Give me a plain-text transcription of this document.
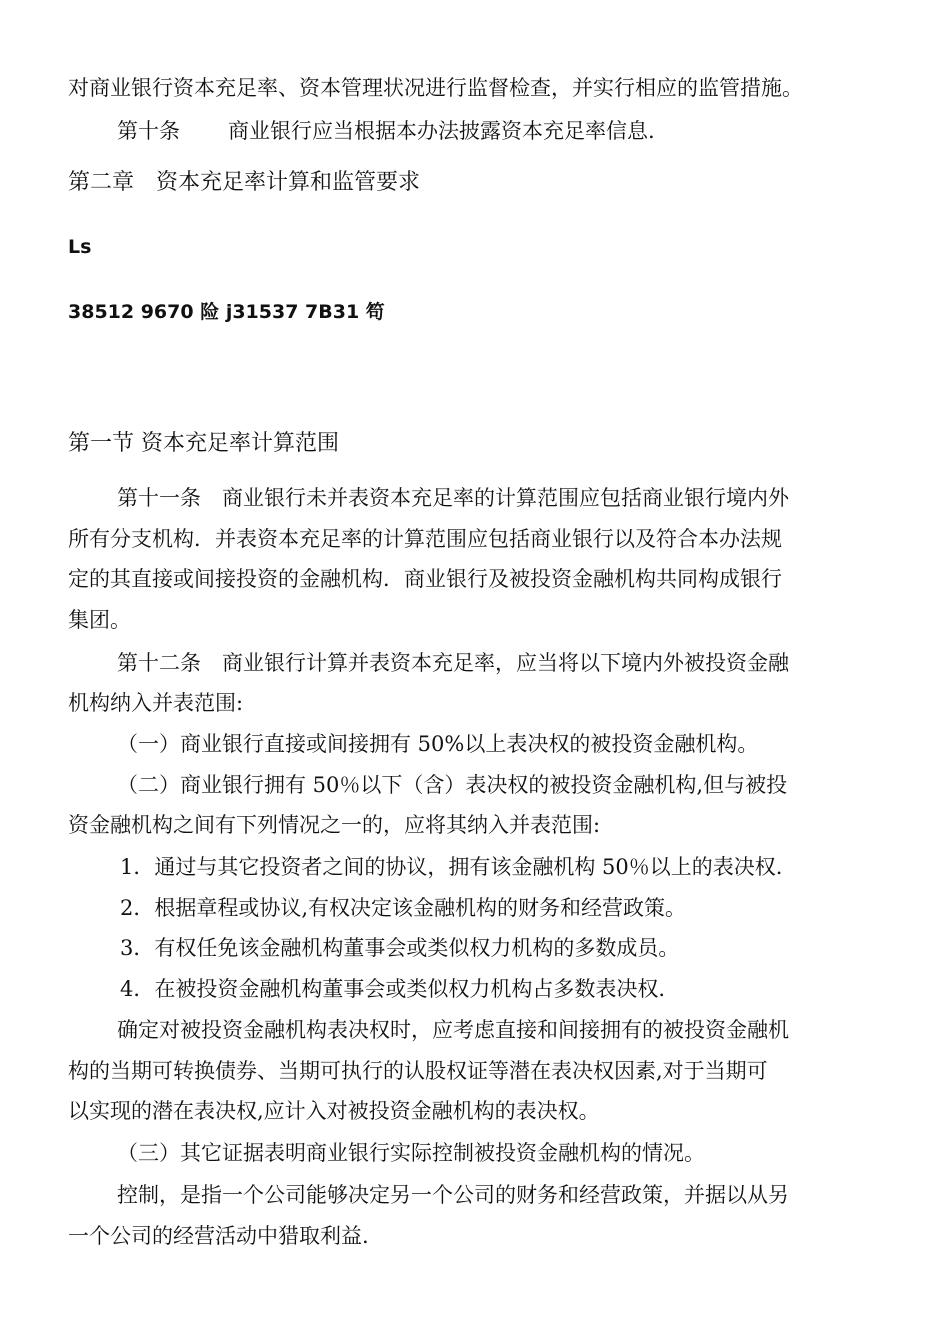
对商业银行资本充足率、资本管理状况进行监督检查，并实行相应的监管措施。
第十条 商业银行应当根据本办法披露资本充足率信息.
第二章　资本充足率计算和监管要求
Ls
38512 9670 险 j31537 7B31 笱
第一节 资本充足率计算范围
第十一条　商业银行未并表资本充足率的计算范围应包括商业银行境内外
所有分支机构．并表资本充足率的计算范围应包括商业银行以及符合本办法规
定的其直接或间接投资的金融机构．商业银行及被投资金融机构共同构成银行
集团。
第十二条　商业银行计算并表资本充足率，应当将以下境内外被投资金融
机构纳入并表范围:
（一）商业银行直接或间接拥有 50%以上表决权的被投资金融机构。
（二）商业银行拥有 50％以下（含）表决权的被投资金融机构,但与被投
资金融机构之间有下列情况之一的，应将其纳入并表范围:
1．通过与其它投资者之间的协议，拥有该金融机构 50％以上的表决权.
2．根据章程或协议,有权决定该金融机构的财务和经营政策。
3．有权任免该金融机构董事会或类似权力机构的多数成员。
4．在被投资金融机构董事会或类似权力机构占多数表决权.
确定对被投资金融机构表决权时，应考虑直接和间接拥有的被投资金融机
构的当期可转换债券、当期可执行的认股权证等潜在表决权因素,对于当期可
以实现的潜在表决权,应计入对被投资金融机构的表决权。
（三）其它证据表明商业银行实际控制被投资金融机构的情况。
控制，是指一个公司能够决定另一个公司的财务和经营政策，并据以从另
一个公司的经营活动中猎取利益.
